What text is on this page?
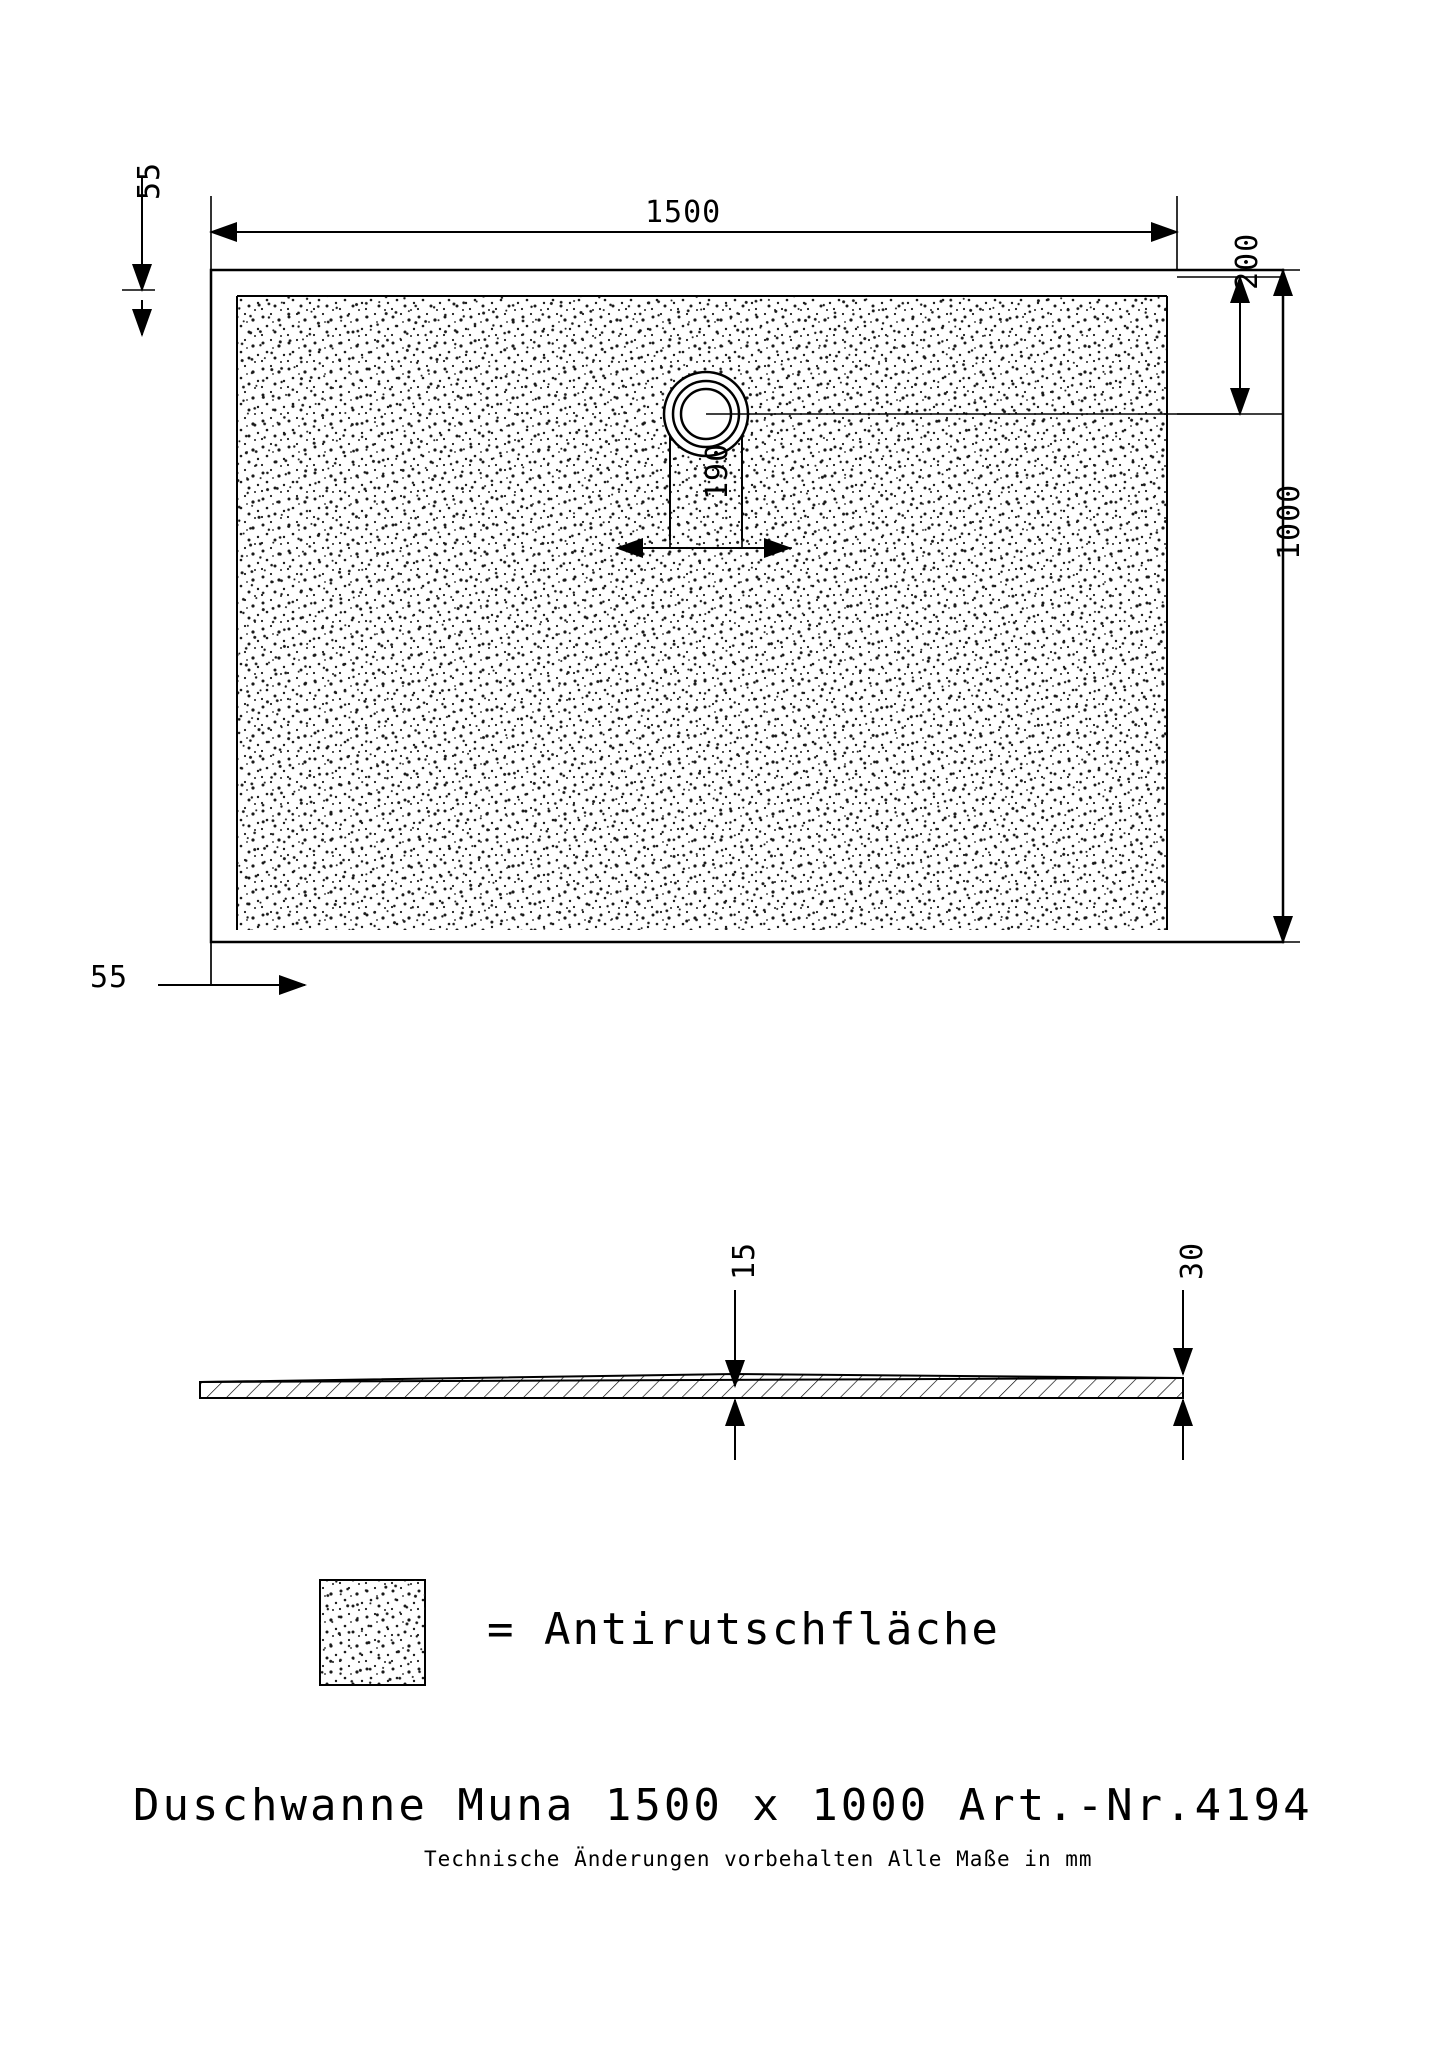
55
1500
200
1000
190
55
15	30
= Antirutschfläche
Duschwanne Muna 1500 x 1000 Art.-Nr.4194
Technische Änderungen vorbehalten Alle Maße in mm
